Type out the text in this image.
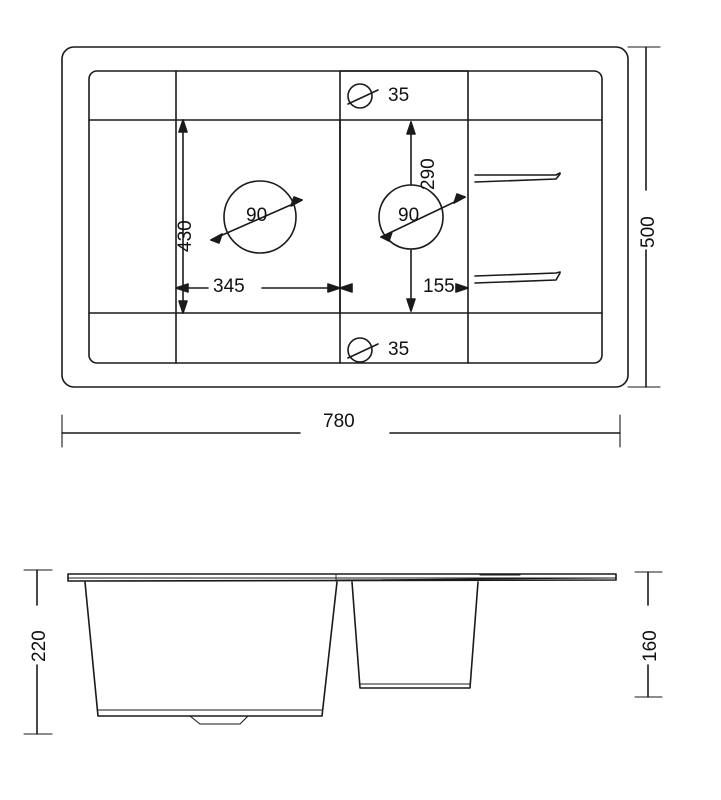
35
35
290
430
90	90
345	155
500
780
220	160
